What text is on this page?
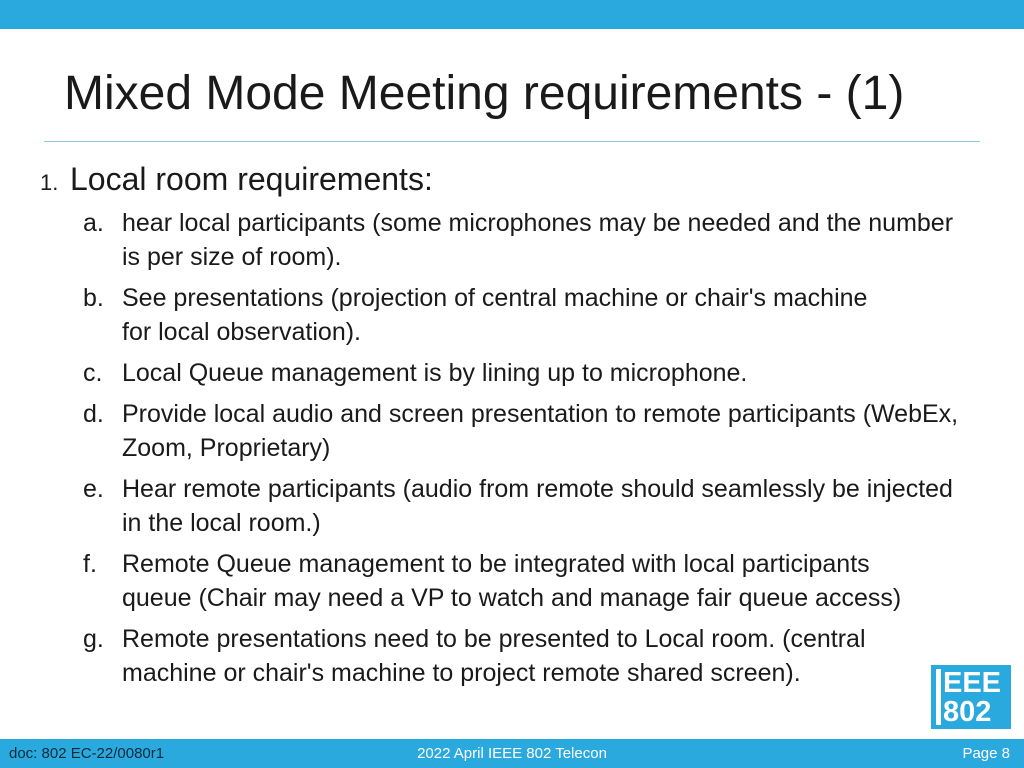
Mixed Mode Meeting requirements - (1)
1. Local room requirements:
a. hear local participants (some microphones may be needed and the number is per size of room).
b. See presentations (projection of central machine or chair's machine for local observation).
c. Local Queue management is by lining up to microphone.
d. Provide local audio and screen presentation to remote participants (WebEx, Zoom, Proprietary)
e. Hear remote participants (audio from remote should seamlessly be injected in the local room.)
f. Remote Queue management to be integrated with local participants queue (Chair may need a VP to watch and manage fair queue access)
g. Remote presentations need to be presented to Local room. (central machine or chair's machine to project remote shared screen).	EEE
802
2022 April IEEE 802 Telecon
doc: 802 EC-22/0080r1	Page 8
